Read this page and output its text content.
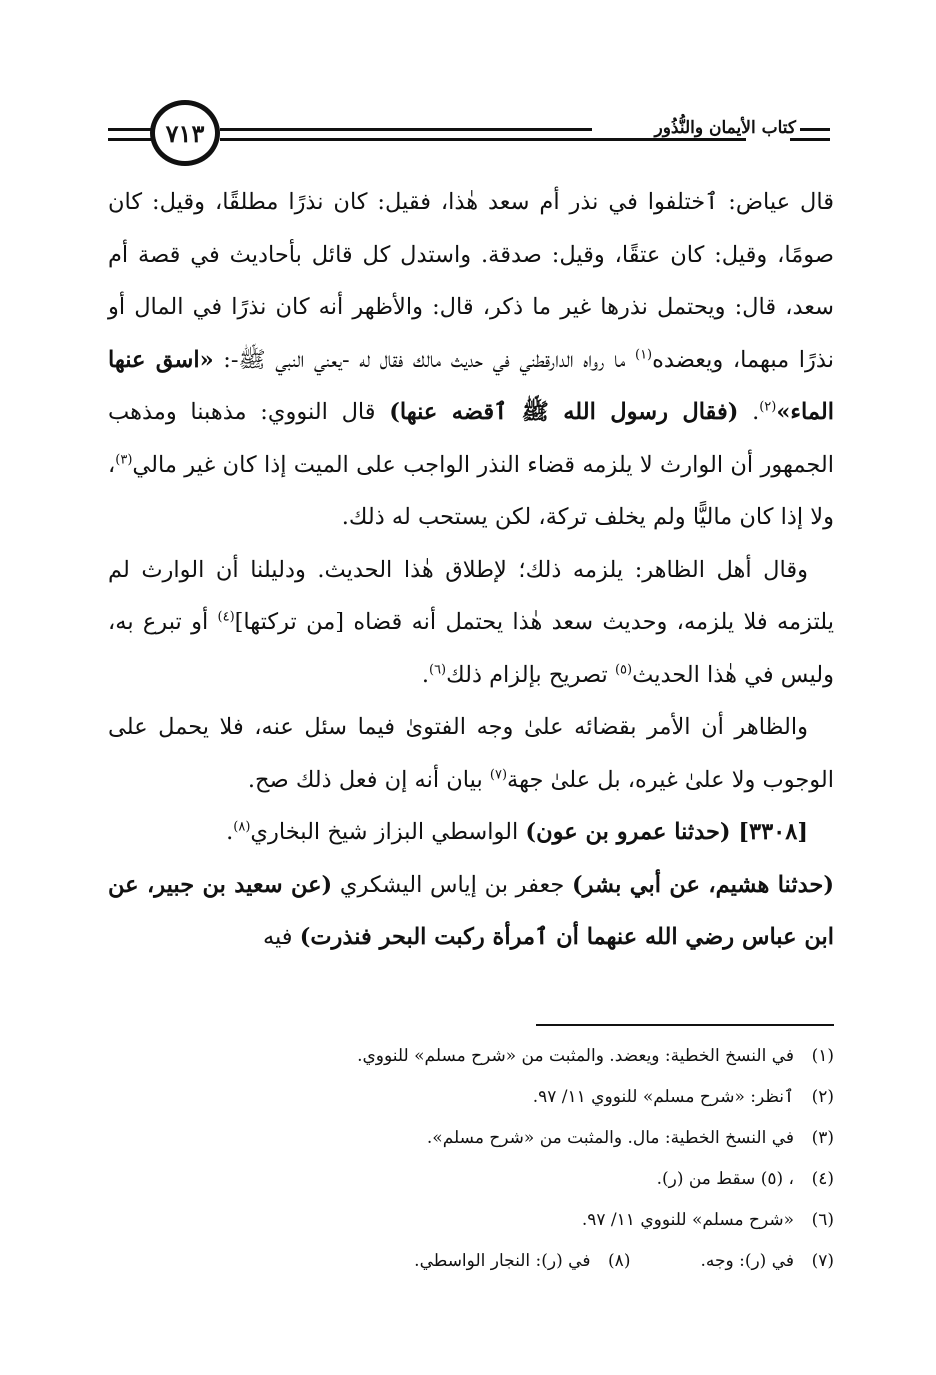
٧١٣	كتاب الأيمان والنُّذُور

قال عياض: ٱختلفوا في نذر أم سعد هٰذا، فقيل: كان نذرًا مطلقًا، وقيل: كان صومًا، وقيل: كان عتقًا، وقيل: صدقة. واستدل كل قائل بأحاديث في قصة أم سعد، قال: ويحتمل نذرها غير ما ذكر، قال: والأظهر أنه كان نذرًا في المال أو نذرًا مبهما، ويعضده$^{(١)}$ ما رواه الدارقطني في حديث مالك فقال له -يعني النبي ﷺ-: «اسق عنها الماء»$^{(٢)}$. (فقال رسول الله ﷺ ٱقضه عنها) قال النووي: مذهبنا ومذهب الجمهور أن الوارث لا يلزمه قضاء النذر الواجب على الميت إذا كان غير مالي$^{(٣)}$، ولا إذا كان ماليًّا ولم يخلف تركة، لكن يستحب له ذلك.

وقال أهل الظاهر: يلزمه ذلك؛ لإطلاق هٰذا الحديث. ودليلنا أن الوارث لم يلتزمه فلا يلزمه، وحديث سعد هٰذا يحتمل أنه قضاه [من تركتها]$^{(٤)}$ أو تبرع به، وليس في هٰذا الحديث$^{(٥)}$ تصريح بإلزام ذلك$^{(٦)}$.

والظاهر أن الأمر بقضائه علىٰ وجه الفتوىٰ فيما سئل عنه، فلا يحمل على الوجوب ولا علىٰ غيره، بل علىٰ جهة$^{(٧)}$ بيان أنه إن فعل ذلك صح.

[٣٣٠٨] (حدثنا عمرو بن عون) الواسطي البزاز شيخ البخاري$^{(٨)}$.

(حدثنا هشيم، عن أبي بشر) جعفر بن إياس اليشكري (عن سعيد بن جبير، عن ابن عباس رضي الله عنهما أن ٱمرأة ركبت البحر فنذرت) فيه

(١)في النسخ الخطية: ويعضد. والمثبت من «شرح مسلم» للنووي.
(٢)ٱنظر: «شرح مسلم» للنووي ١١/ ٩٧.
(٣)في النسخ الخطية: مال. والمثبت من «شرح مسلم».
(٤)، (٥) سقط من (ر).
(٦)«شرح مسلم» للنووي ١١/ ٩٧.
(٧)في (ر): وجه.(٨)في (ر): النجار الواسطي.
